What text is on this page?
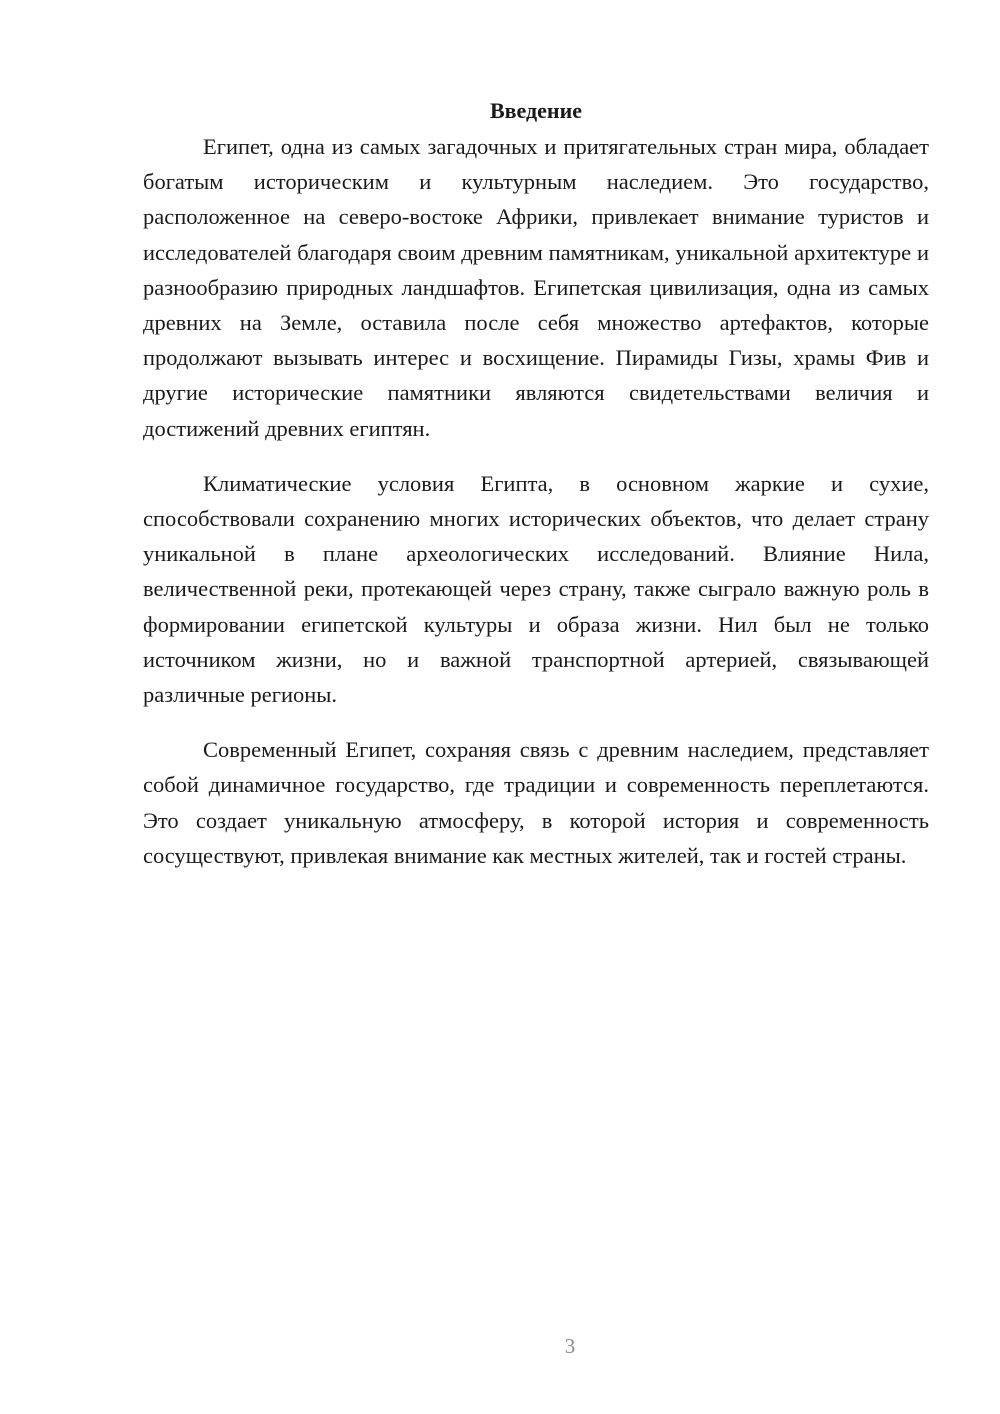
Введение

Египет, одна из самых загадочных и притягательных стран мира, обладает богатым историческим и культурным наследием. Это государство, расположенное на северо-востоке Африки, привлекает внимание туристов и исследователей благодаря своим древним памятникам, уникальной архитектуре и разнообразию природных ландшафтов. Египетская цивилизация, одна из самых древних на Земле, оставила после себя множество артефактов, которые продолжают вызывать интерес и восхищение. Пирамиды Гизы, храмы Фив и другие исторические памятники являются свидетельствами величия и достижений древних египтян.

Климатические условия Египта, в основном жаркие и сухие, способствовали сохранению многих исторических объектов, что делает страну уникальной в плане археологических исследований. Влияние Нила, величественной реки, протекающей через страну, также сыграло важную роль в формировании египетской культуры и образа жизни. Нил был не только источником жизни, но и важной транспортной артерией, связывающей различные регионы.

Современный Египет, сохраняя связь с древним наследием, представляет собой динамичное государство, где традиции и современность переплетаются. Это создает уникальную атмосферу, в которой история и современность сосуществуют, привлекая внимание как местных жителей, так и гостей страны.

3
